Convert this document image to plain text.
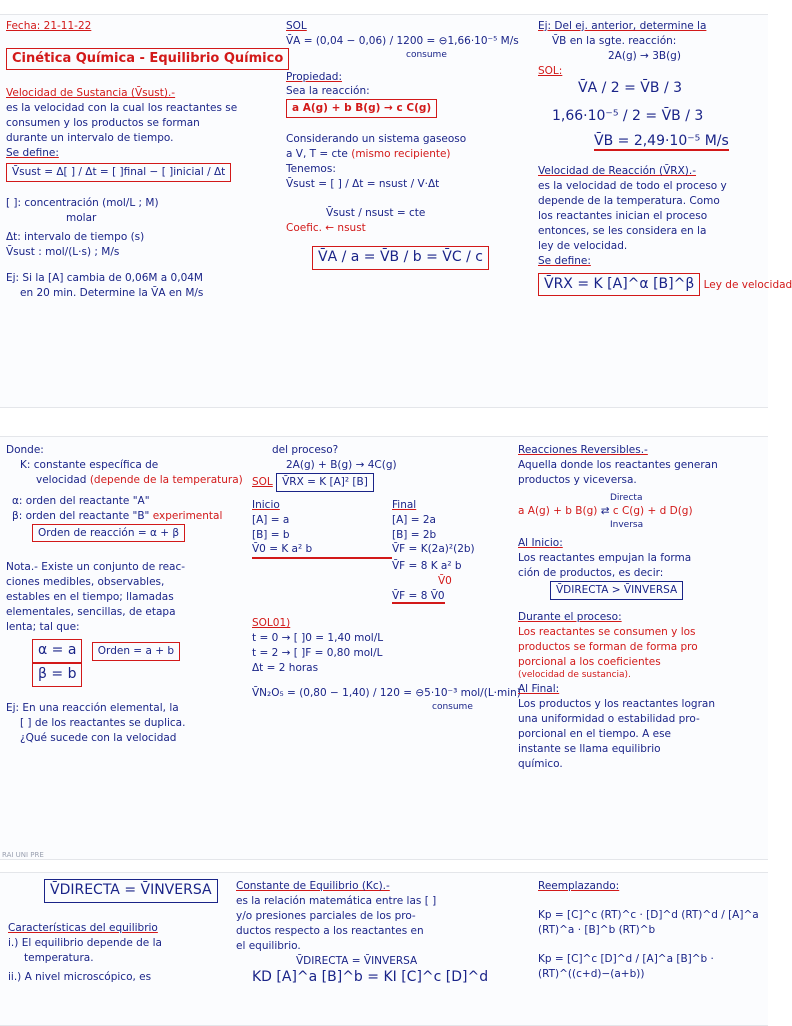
Fecha: 21-11-22
Cinética Química - Equilibrio Químico
Velocidad de Sustancia (V̄sust).-
es la velocidad con la cual los reactantes se
consumen y los productos se forman
durante un intervalo de tiempo.
Se define:
V̄sust = Δ[ ] / Δt = [ ]final − [ ]inicial / Δt
[ ]: concentración (mol/L ; M)
molar
Δt: intervalo de tiempo (s)
V̄sust : mol/(L·s) ; M/s
Ej: Si la [A] cambia de 0,06M a 0,04M
en 20 min. Determine la V̄A en M/s
SOL
V̄A = (0,04 − 0,06) / 1200 = ⊖1,66·10⁻⁵ M/s
consume
Propiedad:
Sea la reacción:
a A(g) + b B(g) → c C(g)
Considerando un sistema gaseoso
a V, T = cte (mismo recipiente)
Tenemos:
V̄sust = [ ] / Δt = nsust / V·Δt
V̄sust / nsust = cte
Coefic. ← nsust
V̄A / a = V̄B / b = V̄C / c
Ej: Del ej. anterior, determine la
V̄B en la sgte. reacción:
2A(g) → 3B(g)
SOL:
V̄A / 2 = V̄B / 3
1,66·10⁻⁵ / 2 = V̄B / 3
V̄B = 2,49·10⁻⁵ M/s
Velocidad de Reacción (V̄RX).-
es la velocidad de todo el proceso y
depende de la temperatura. Como
los reactantes inician el proceso
entonces, se les considera en la
ley de velocidad.
Se define:
V̄RX = K [A]^α [B]^β Ley de velocidad
Donde:
K: constante específica de
velocidad (depende de la temperatura)
α: orden del reactante "A"
β: orden del reactante "B" experimental
Orden de reacción = α + β
Nota.- Existe un conjunto de reac-
ciones medibles, observables,
estables en el tiempo; llamadas
elementales, sencillas, de etapa
lenta; tal que:
α = a Orden = a + b
β = b
Ej: En una reacción elemental, la
[ ] de los reactantes se duplica.
¿Qué sucede con la velocidad
del proceso?
2A(g) + B(g) → 4C(g)
SOL V̄RX = K [A]² [B]
Inicio	Final
[A] = a	[A] = 2a
[B] = b	[B] = 2b
V̄0 = K a² b	V̄F = K(2a)²(2b)
V̄F = 8 K a² b
V̄0
V̄F = 8 V̄0
SOL01)
t = 0 → [ ]0 = 1,40 mol/L
t = 2 → [ ]F = 0,80 mol/L
Δt = 2 horas
V̄N₂O₅ = (0,80 − 1,40) / 120 = ⊖5·10⁻³ mol/(L·min)
consume
Reacciones Reversibles.-
Aquella donde los reactantes generan
productos y viceversa.
Directa
a A(g) + b B(g) ⇄ c C(g) + d D(g)
Inversa
Al Inicio:
Los reactantes empujan la forma
ción de productos, es decir:
V̄DIRECTA > V̄INVERSA
Durante el proceso:
Los reactantes se consumen y los
productos se forman de forma pro
porcional a los coeficientes
(velocidad de sustancia).
Al Final:
Los productos y los reactantes logran
una uniformidad o estabilidad pro-
porcional en el tiempo. A ese
instante se llama equilibrio
químico.
RAI UNI PRE
V̄DIRECTA = V̄INVERSA
Características del equilibrio
i.) El equilibrio depende de la
temperatura.
ii.) A nivel microscópico, es
Constante de Equilibrio (Kc).-
es la relación matemática entre las [ ]
y/o presiones parciales de los pro-
ductos respecto a los reactantes en
el equilibrio.
V̄DIRECTA = V̄INVERSA
KD [A]^a [B]^b = KI [C]^c [D]^d
Reemplazando:
Kp = [C]^c (RT)^c · [D]^d (RT)^d / [A]^a (RT)^a · [B]^b (RT)^b
Kp = [C]^c [D]^d / [A]^a [B]^b · (RT)^((c+d)−(a+b))
